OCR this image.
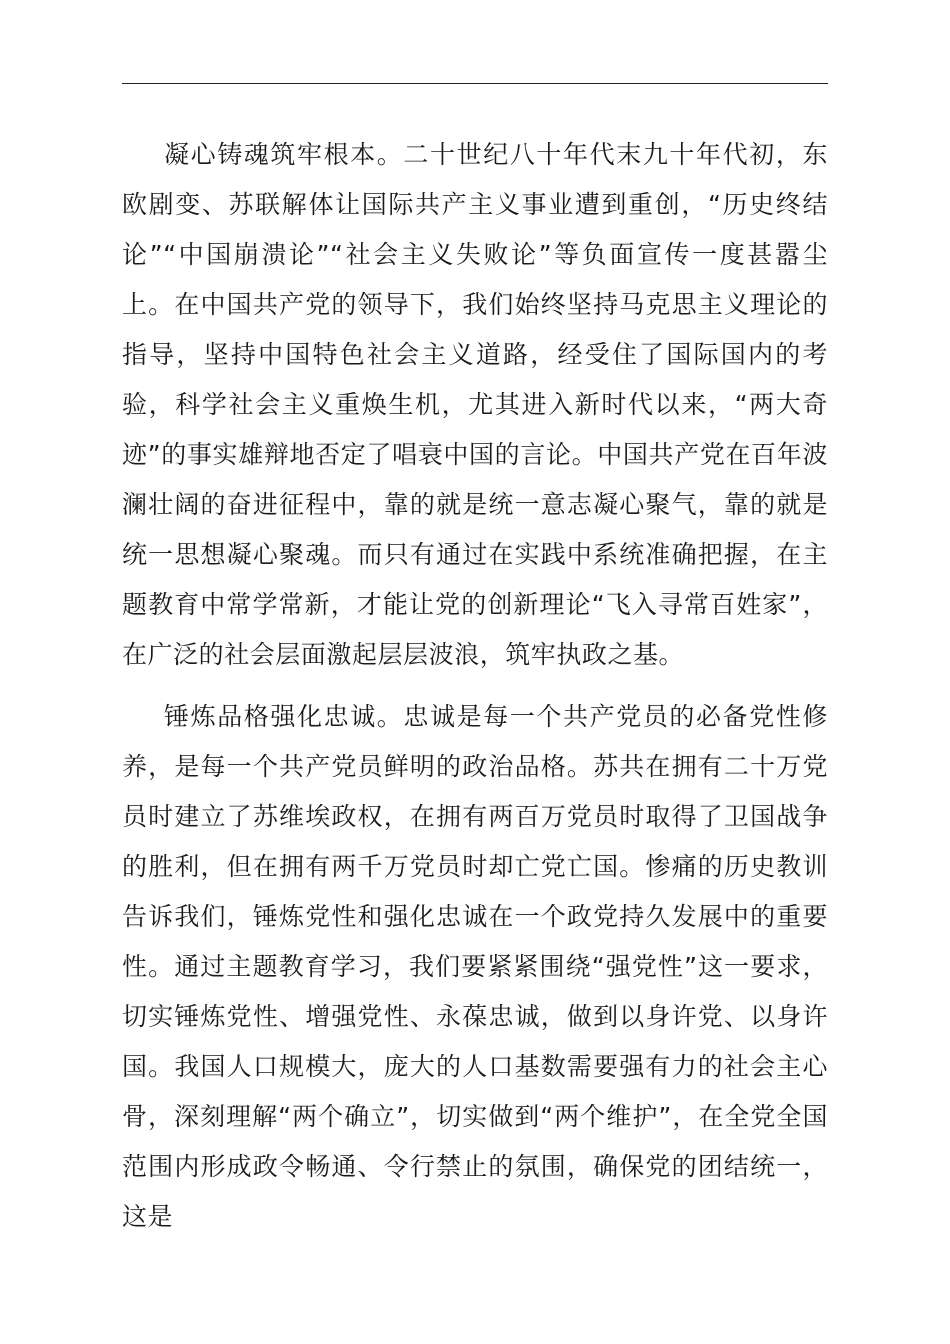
凝心铸魂筑牢根本。二十世纪八十年代末九十年代初，东欧剧变、苏联解体让国际共产主义事业遭到重创，“历史终结论”“中国崩溃论”“社会主义失败论”等负面宣传一度甚嚣尘上。在中国共产党的领导下，我们始终坚持马克思主义理论的指导，坚持中国特色社会主义道路，经受住了国际国内的考验，科学社会主义重焕生机，尤其进入新时代以来，“两大奇迹”的事实雄辩地否定了唱衰中国的言论。中国共产党在百年波澜壮阔的奋进征程中，靠的就是统一意志凝心聚气，靠的就是统一思想凝心聚魂。而只有通过在实践中系统准确把握，在主题教育中常学常新，才能让党的创新理论“飞入寻常百姓家”，在广泛的社会层面激起层层波浪，筑牢执政之基。

锤炼品格强化忠诚。忠诚是每一个共产党员的必备党性修养，是每一个共产党员鲜明的政治品格。苏共在拥有二十万党员时建立了苏维埃政权，在拥有两百万党员时取得了卫国战争的胜利，但在拥有两千万党员时却亡党亡国。惨痛的历史教训告诉我们，锤炼党性和强化忠诚在一个政党持久发展中的重要性。通过主题教育学习，我们要紧紧围绕“强党性”这一要求，切实锤炼党性、增强党性、永葆忠诚，做到以身许党、以身许国。我国人口规模大，庞大的人口基数需要强有力的社会主心骨，深刻理解“两个确立”，切实做到“两个维护”，在全党全国范围内形成政令畅通、令行禁止的氛围，确保党的团结统一，这是
